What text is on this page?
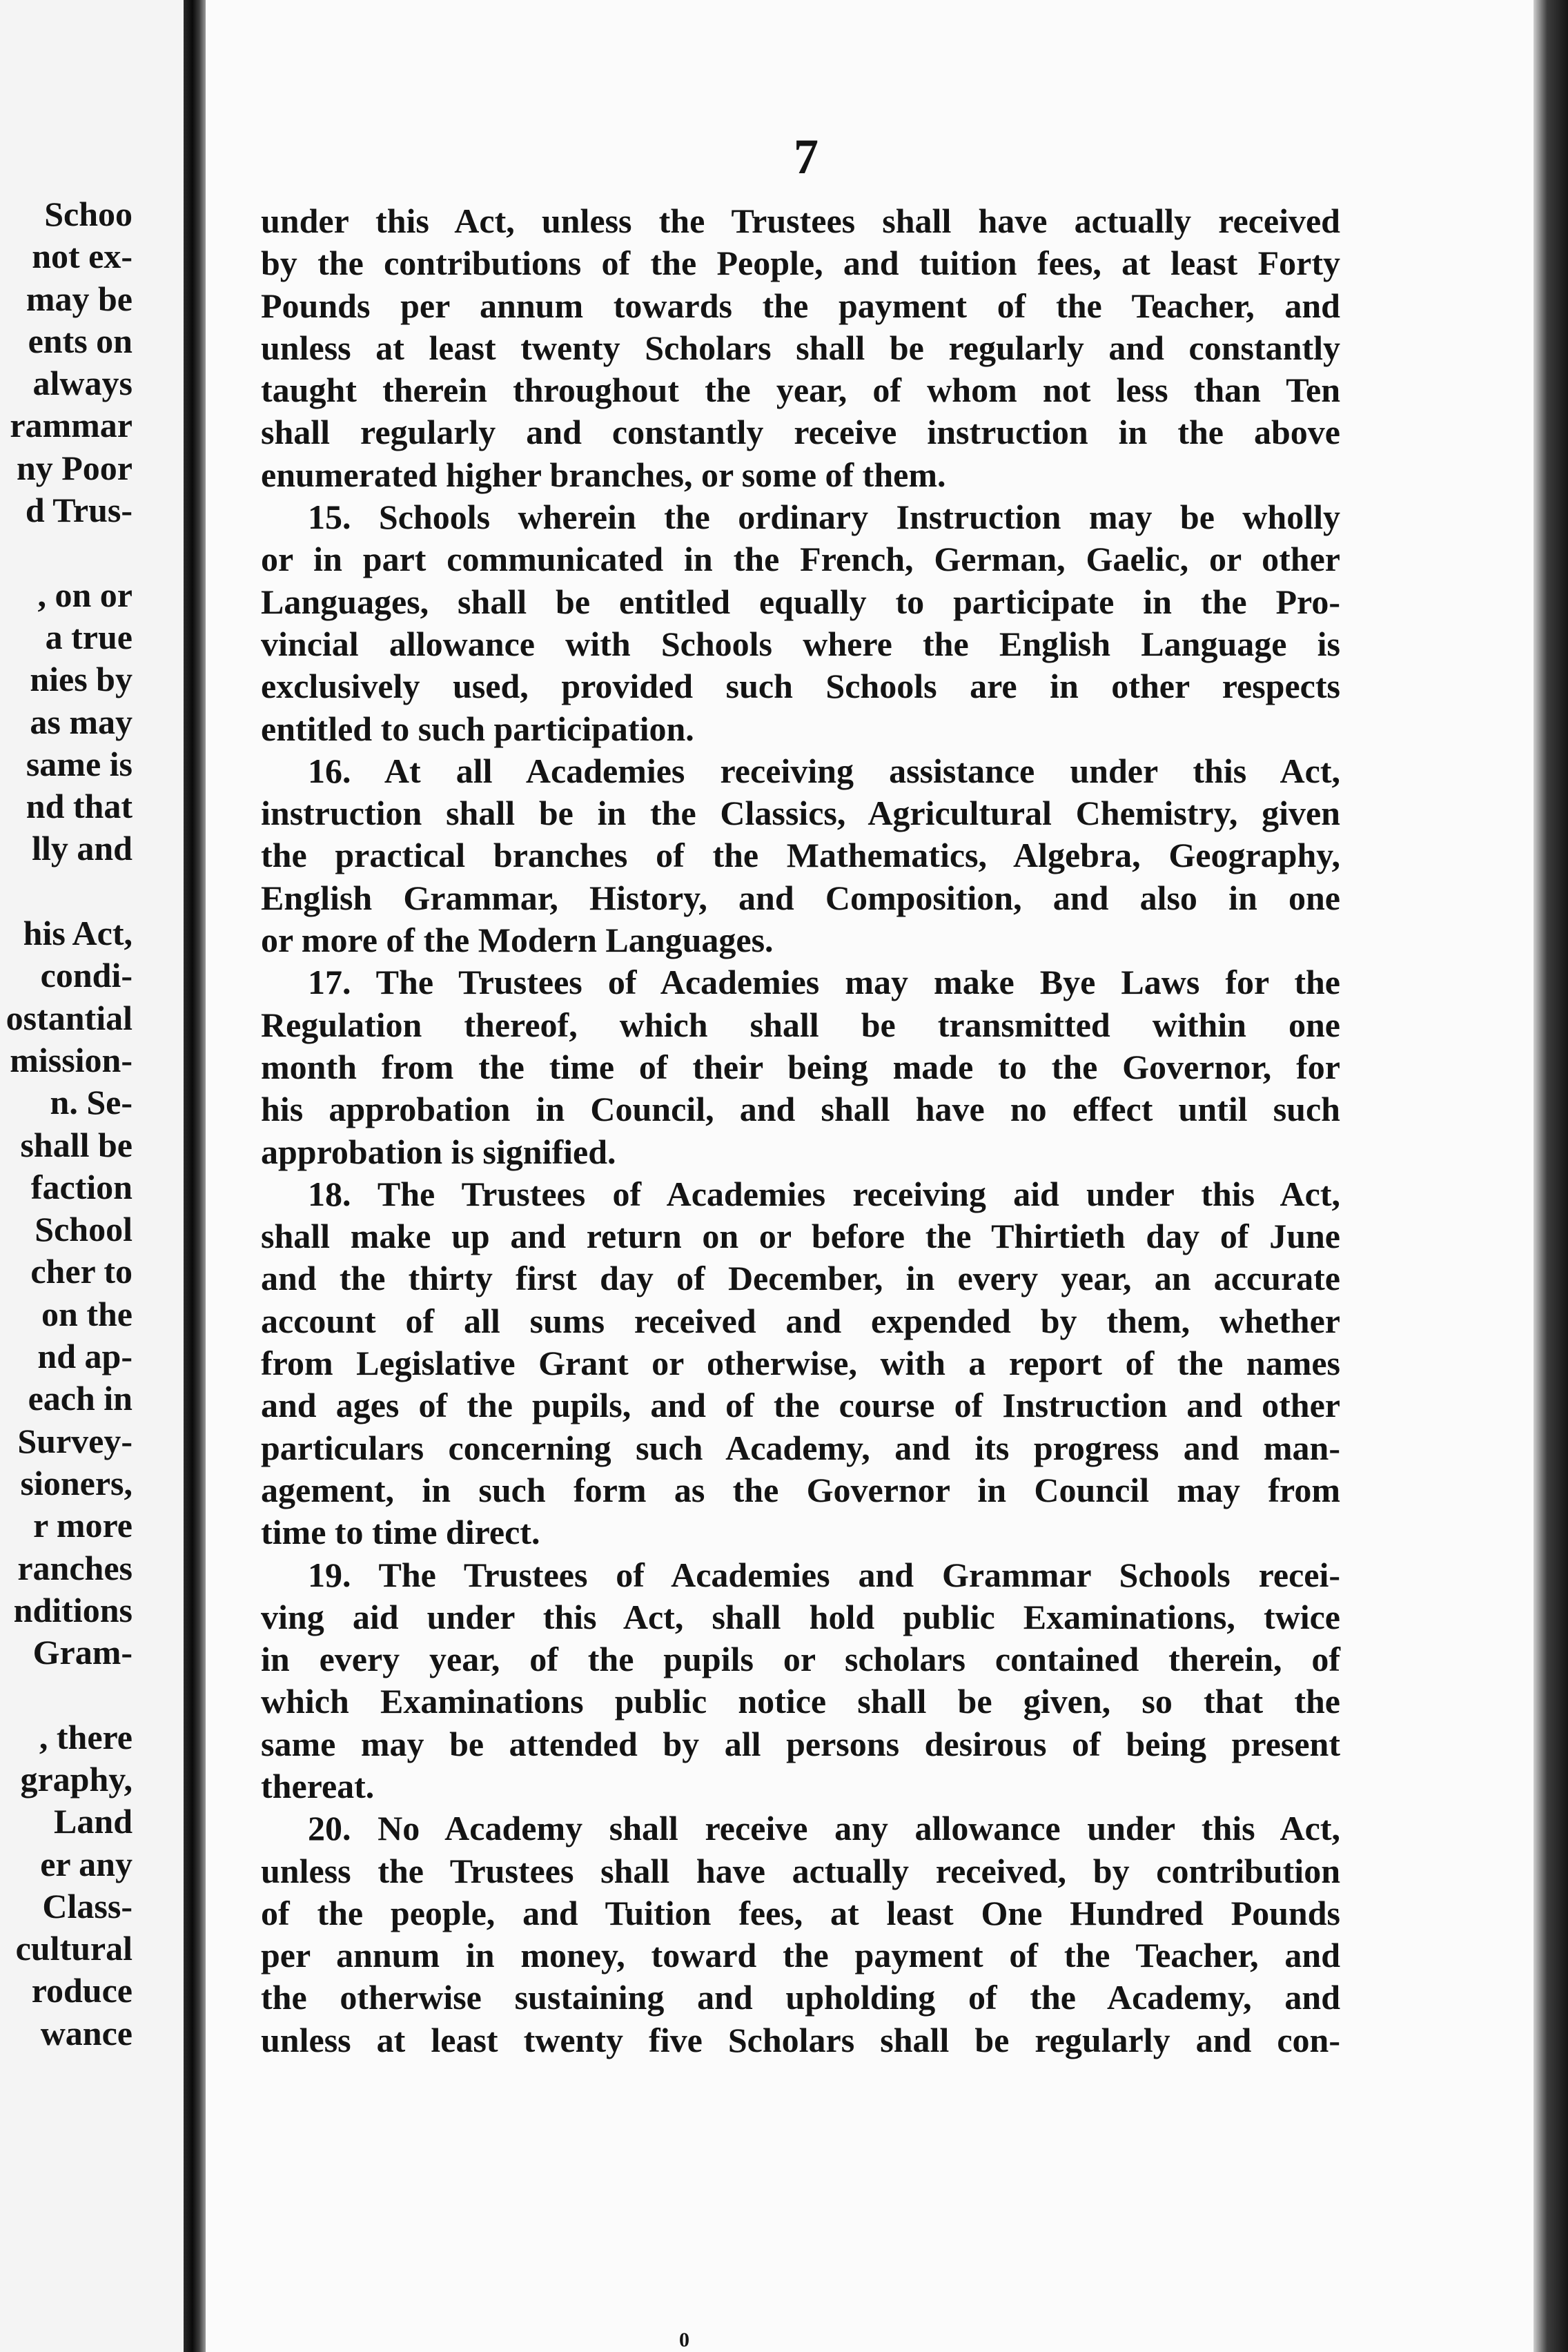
Schoo
not ex-
may be
ents on
always
rammar
ny Poor
d Trus-

, on or
a true
nies by
as may
same is
nd that
lly and

his Act,
condi-
ostantial
mission-
n. Se-
shall be
faction
School
cher to
on the
nd ap-
each in
Survey-
sioners,
r more
ranches
nditions
Gram-

, there
graphy,
Land
er any
Class-
cultural
roduce
wance
7
under this Act, unless the Trustees shall have actually received
by the contributions of the People, and tuition fees, at least Forty
Pounds per annum towards the payment of the Teacher, and
unless at least twenty Scholars shall be regularly and constantly
taught therein throughout the year, of whom not less than Ten
shall regularly and constantly receive instruction in the above
enumerated higher branches, or some of them.
15. Schools wherein the ordinary Instruction may be wholly
or in part communicated in the French, German, Gaelic, or other
Languages, shall be entitled equally to participate in the Pro-
vincial allowance with Schools where the English Language is
exclusively used, provided such Schools are in other respects
entitled to such participation.
16. At all Academies receiving assistance under this Act,
instruction shall be in the Classics, Agricultural Chemistry, given
the practical branches of the Mathematics, Algebra, Geography,
English Grammar, History, and Composition, and also in one
or more of the Modern Languages.
17. The Trustees of Academies may make Bye Laws for the
Regulation thereof, which shall be transmitted within one
month from the time of their being made to the Governor, for
his approbation in Council, and shall have no effect until such
approbation is signified.
18. The Trustees of Academies receiving aid under this Act,
shall make up and return on or before the Thirtieth day of June
and the thirty first day of December, in every year, an accurate
account of all sums received and expended by them, whether
from Legislative Grant or otherwise, with a report of the names
and ages of the pupils, and of the course of Instruction and other
particulars concerning such Academy, and its progress and man-
agement, in such form as the Governor in Council may from
time to time direct.
19. The Trustees of Academies and Grammar Schools recei-
ving aid under this Act, shall hold public Examinations, twice
in every year, of the pupils or scholars contained therein, of
which Examinations public notice shall be given, so that the
same may be attended by all persons desirous of being present
thereat.
20. No Academy shall receive any allowance under this Act,
unless the Trustees shall have actually received, by contribution
of the people, and Tuition fees, at least One Hundred Pounds
per annum in money, toward the payment of the Teacher, and
the otherwise sustaining and upholding of the Academy, and
unless at least twenty five Scholars shall be regularly and con-
0
